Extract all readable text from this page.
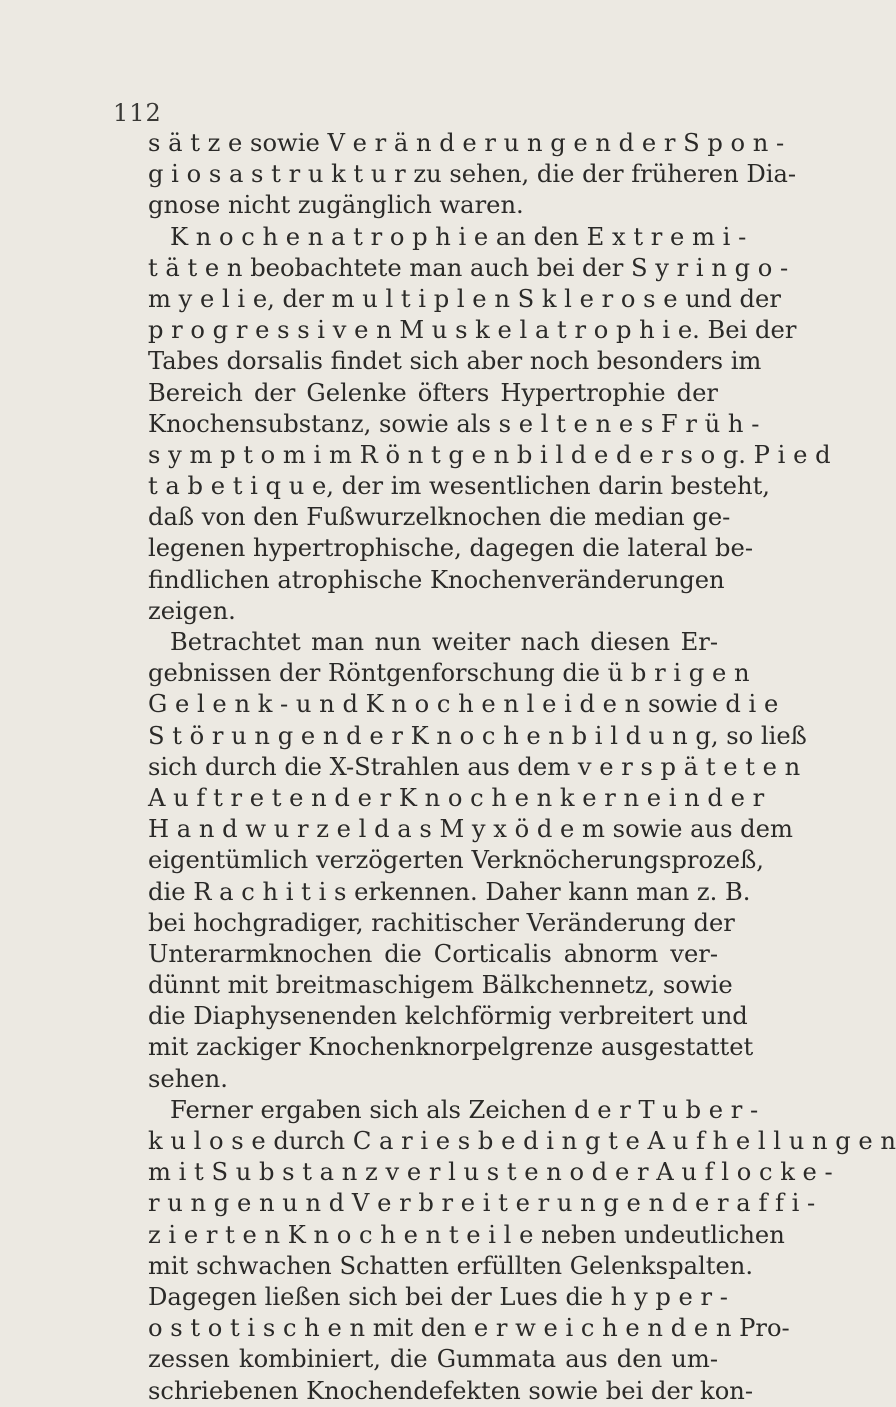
112
s ä t z e sowie V e r ä n d e r u n g e n d e r S p o n -
g i o s a s t r u k t u r zu sehen, die der früheren Dia-
gnose nicht zugänglich waren.
K n o c h e n a t r o p h i e an den E x t r e m i -
t ä t e n beobachtete man auch bei der S y r i n g o -
m y e l i e, der m u l t i p l e n S k l e r o s e und der
p r o g r e s s i v e n M u s k e l a t r o p h i e. Bei der
Tabes dorsalis findet sich aber noch besonders im
Bereich der Gelenke öfters Hypertrophie der
Knochensubstanz, sowie als s e l t e n e s F r ü h -
s y m p t o m i m R ö n t g e n b i l d e d e r s o g. P i e d
t a b e t i q u e, der im wesentlichen darin besteht,
daß von den Fußwurzelknochen die median ge-
legenen hypertrophische, dagegen die lateral be-
findlichen atrophische Knochenveränderungen
zeigen.
Betrachtet man nun weiter nach diesen Er-
gebnissen der Röntgenforschung die ü b r i g e n
G e l e n k - u n d K n o c h e n l e i d e n sowie d i e
S t ö r u n g e n d e r K n o c h e n b i l d u n g, so ließ
sich durch die X-Strahlen aus dem v e r s p ä t e t e n
A u f t r e t e n d e r K n o c h e n k e r n e i n d e r
H a n d w u r z e l d a s M y x ö d e m sowie aus dem
eigentümlich verzögerten Verknöcherungsprozeß,
die R a c h i t i s erkennen. Daher kann man z. B.
bei hochgradiger, rachitischer Veränderung der
Unterarmknochen die Corticalis abnorm ver-
dünnt mit breitmaschigem Bälkchennetz, sowie
die Diaphysenenden kelchförmig verbreitert und
mit zackiger Knochenknorpelgrenze ausgestattet
sehen.
Ferner ergaben sich als Zeichen d e r T u b e r -
k u l o s e durch C a r i e s b e d i n g t e A u f h e l l u n g e n
m i t S u b s t a n z v e r l u s t e n o d e r A u f l o c k e -
r u n g e n u n d V e r b r e i t e r u n g e n d e r a f f i -
z i e r t e n K n o c h e n t e i l e neben undeutlichen
mit schwachen Schatten erfüllten Gelenkspalten.
Dagegen ließen sich bei der Lues die h y p e r -
o s t o t i s c h e n mit den e r w e i c h e n d e n Pro-
zessen kombiniert, die Gummata aus den um-
schriebenen Knochendefekten sowie bei der kon-
